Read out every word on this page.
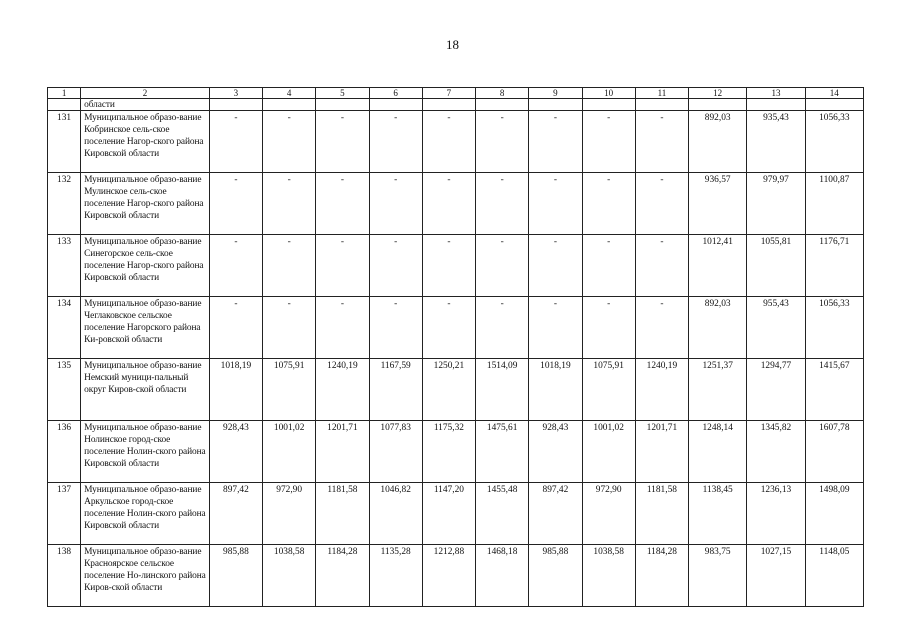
18
1	2	3	4	5	6	7	8	9	10	11	12	13	14
	области												
131	Муниципальное образо-вание Кобринское сель-ское поселение Нагор-ского района Кировской области	-	-	-	-	-	-	-	-	-	892,03	935,43	1056,33
132	Муниципальное образо-вание Мулинское сель-ское поселение Нагор-ского района Кировской области	-	-	-	-	-	-	-	-	-	936,57	979,97	1100,87
133	Муниципальное образо-вание Синегорское сель-ское поселение Нагор-ского района Кировской области	-	-	-	-	-	-	-	-	-	1012,41	1055,81	1176,71
134	Муниципальное образо-вание Чеглаковское сельское поселение Нагорского района Ки-ровской области	-	-	-	-	-	-	-	-	-	892,03	955,43	1056,33
135	Муниципальное образо-вание Немский муници-пальный округ Киров-ской области	1018,19	1075,91	1240,19	1167,59	1250,21	1514,09	1018,19	1075,91	1240,19	1251,37	1294,77	1415,67
136	Муниципальное образо-вание Нолинское город-ское поселение Нолин-ского района Кировской области	928,43	1001,02	1201,71	1077,83	1175,32	1475,61	928,43	1001,02	1201,71	1248,14	1345,82	1607,78
137	Муниципальное образо-вание Аркульское город-ское поселение Нолин-ского района Кировской области	897,42	972,90	1181,58	1046,82	1147,20	1455,48	897,42	972,90	1181,58	1138,45	1236,13	1498,09
138	Муниципальное образо-вание Красноярское сельское поселение Но-линского района Киров-ской области	985,88	1038,58	1184,28	1135,28	1212,88	1468,18	985,88	1038,58	1184,28	983,75	1027,15	1148,05
